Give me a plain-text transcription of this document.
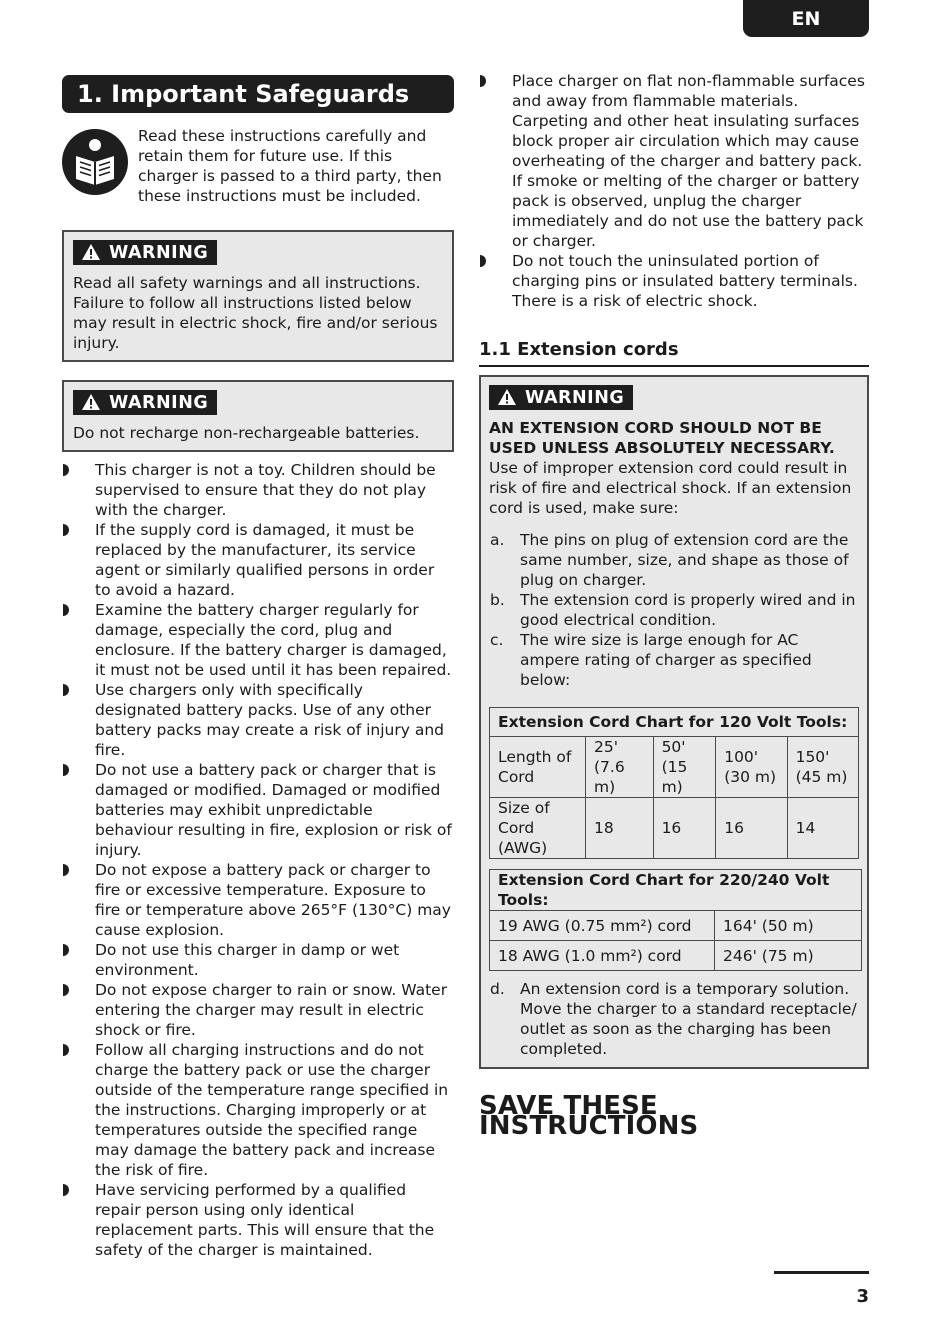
EN
1. Important Safeguards
Read these instructions carefully and retain them for future use. If this charger is passed to a third party, then these instructions must be included.
WARNING
Read all safety warnings and all instructions. Failure to follow all instructions listed below may result in electric shock, fire and/or serious injury.
WARNING
Do not recharge non-rechargeable batteries.
This charger is not a toy. Children should be supervised to ensure that they do not play with the charger.
If the supply cord is damaged, it must be replaced by the manufacturer, its service agent or similarly qualified persons in order to avoid a hazard.
Examine the battery charger regularly for damage, especially the cord, plug and enclosure. If the battery charger is damaged, it must not be used until it has been repaired.
Use chargers only with specifically designated battery packs. Use of any other battery packs may create a risk of injury and fire.
Do not use a battery pack or charger that is damaged or modified. Damaged or modified batteries may exhibit unpredictable behaviour resulting in fire, explosion or risk of injury.
Do not expose a battery pack or charger to fire or excessive temperature. Exposure to fire or temperature above 265°F (130°C) may cause explosion.
Do not use this charger in damp or wet environment.
Do not expose charger to rain or snow. Water entering the charger may result in electric shock or fire.
Follow all charging instructions and do not charge the battery pack or use the charger outside of the temperature range specified in the instructions. Charging improperly or at temperatures outside the specified range may damage the battery pack and increase the risk of fire.
Have servicing performed by a qualified repair person using only identical replacement parts. This will ensure that the safety of the charger is maintained.
Place charger on flat non-flammable surfaces and away from flammable materials. Carpeting and other heat insulating surfaces block proper air circulation which may cause overheating of the charger and battery pack. If smoke or melting of the charger or battery pack is observed, unplug the charger immediately and do not use the battery pack or charger.
Do not touch the uninsulated portion of charging pins or insulated battery terminals. There is a risk of electric shock.
1.1 Extension cords
WARNING
AN EXTENSION CORD SHOULD NOT BE USED UNLESS ABSOLUTELY NECESSARY. Use of improper extension cord could result in risk of fire and electrical shock. If an extension cord is used, make sure:
a. The pins on plug of extension cord are the same number, size, and shape as those of plug on charger.
b. The extension cord is properly wired and in good electrical condition.
c. The wire size is large enough for AC ampere rating of charger as specified below:
Extension Cord Chart for 120 Volt Tools:				
Length of Cord	25' (7.6 m)	50' (15 m)	100' (30 m)	150' (45 m)
Size of Cord (AWG)	18	16	16	14
Extension Cord Chart for 220/240 Volt Tools:	
19 AWG (0.75 mm²) cord	164' (50 m)
18 AWG (1.0 mm²) cord	246' (75 m)
d. An extension cord is a temporary solution. Move the charger to a standard receptacle/ outlet as soon as the charging has been completed.
SAVE THESE INSTRUCTIONS
3
